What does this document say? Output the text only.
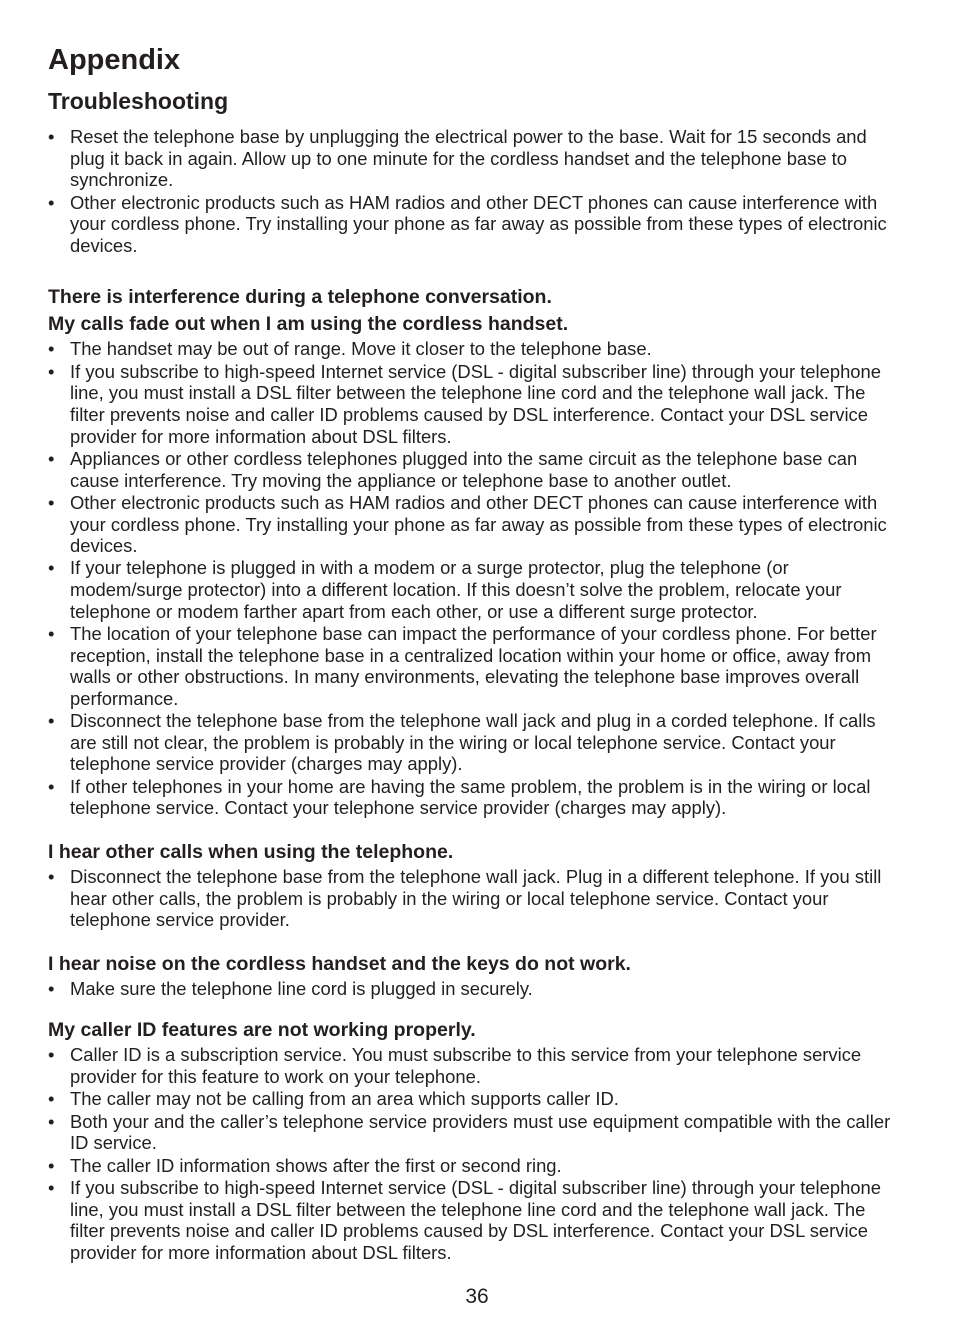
Appendix
Troubleshooting
• Reset the telephone base by unplugging the electrical power to the base. Wait for 15 seconds and plug it back in again. Allow up to one minute for the cordless handset and the telephone base to synchronize.
• Other electronic products such as HAM radios and other DECT phones can cause interference with your cordless phone. Try installing your phone as far away as possible from these types of electronic devices.
There is interference during a telephone conversation.
My calls fade out when I am using the cordless handset.
• The handset may be out of range. Move it closer to the telephone base.
• If you subscribe to high-speed Internet service (DSL - digital subscriber line) through your telephone line, you must install a DSL filter between the telephone line cord and the telephone wall jack. The filter prevents noise and caller ID problems caused by DSL interference. Contact your DSL service provider for more information about DSL filters.
• Appliances or other cordless telephones plugged into the same circuit as the telephone base can cause interference. Try moving the appliance or telephone base to another outlet.
• Other electronic products such as HAM radios and other DECT phones can cause interference with your cordless phone. Try installing your phone as far away as possible from these types of electronic devices.
• If your telephone is plugged in with a modem or a surge protector, plug the telephone (or modem/surge protector) into a different location. If this doesn’t solve the problem, relocate your telephone or modem farther apart from each other, or use a different surge protector.
• The location of your telephone base can impact the performance of your cordless phone. For better reception, install the telephone base in a centralized location within your home or office, away from walls or other obstructions. In many environments, elevating the telephone base improves overall performance.
• Disconnect the telephone base from the telephone wall jack and plug in a corded telephone. If calls are still not clear, the problem is probably in the wiring or local telephone service. Contact your telephone service provider (charges may apply).
• If other telephones in your home are having the same problem, the problem is in the wiring or local telephone service. Contact your telephone service provider (charges may apply).
I hear other calls when using the telephone.
• Disconnect the telephone base from the telephone wall jack. Plug in a different telephone. If you still hear other calls, the problem is probably in the wiring or local telephone service. Contact your telephone service provider.
I hear noise on the cordless handset and the keys do not work.
• Make sure the telephone line cord is plugged in securely.
My caller ID features are not working properly.
• Caller ID is a subscription service. You must subscribe to this service from your telephone service provider for this feature to work on your telephone.
• The caller may not be calling from an area which supports caller ID.
• Both your and the caller’s telephone service providers must use equipment compatible with the caller ID service.
• The caller ID information shows after the first or second ring.
• If you subscribe to high-speed Internet service (DSL - digital subscriber line) through your telephone line, you must install a DSL filter between the telephone line cord and the telephone wall jack. The filter prevents noise and caller ID problems caused by DSL interference. Contact your DSL service provider for more information about DSL filters.
36
